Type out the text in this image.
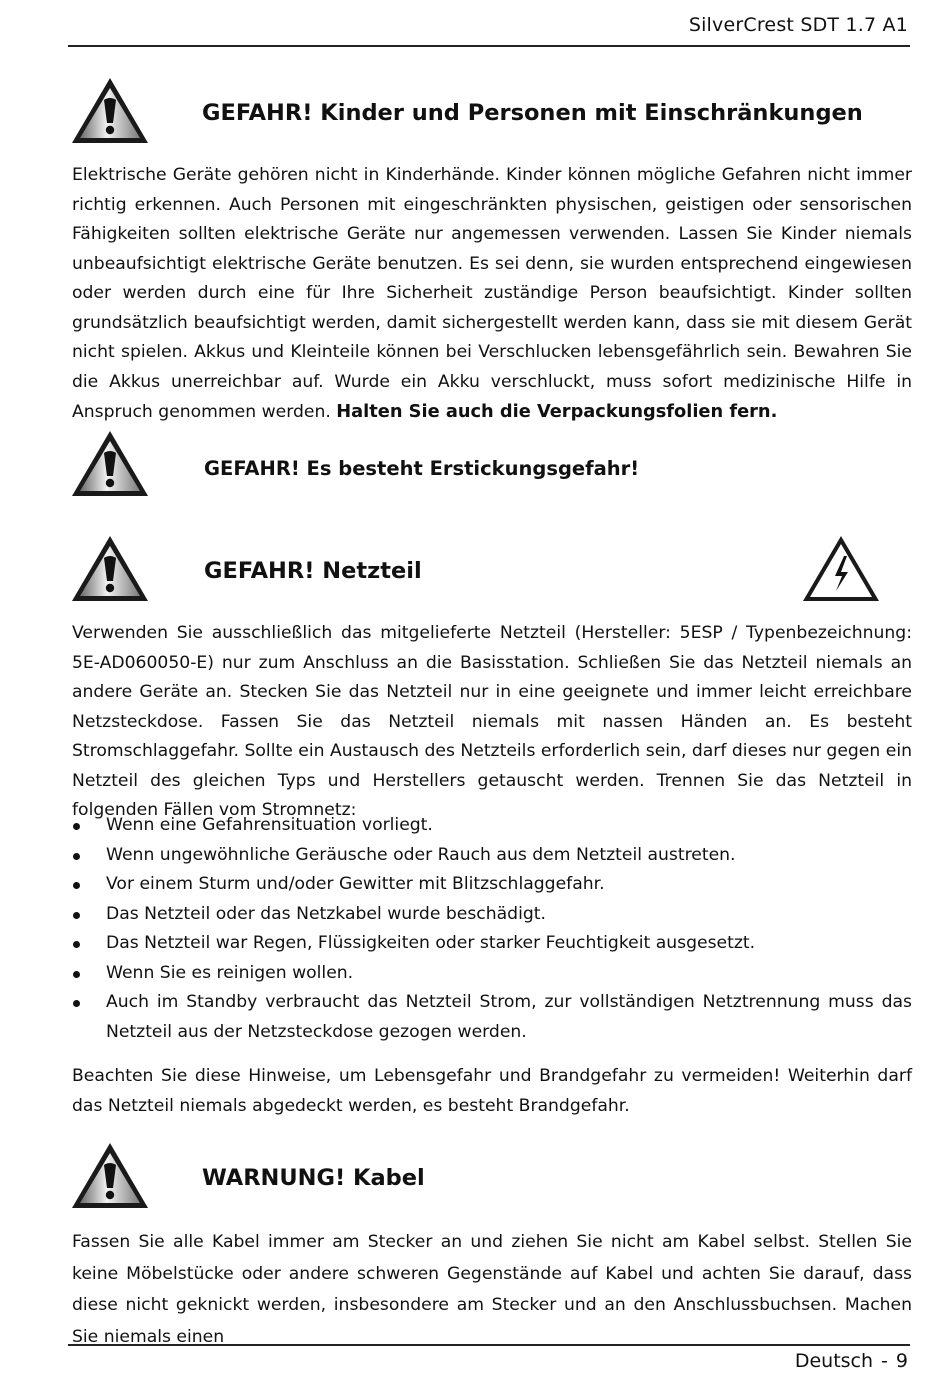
SilverCrest SDT 1.7 A1
GEFAHR! Kinder und Personen mit Einschränkungen
Elektrische Geräte gehören nicht in Kinderhände. Kinder können mögliche Gefahren nicht immer richtig erkennen. Auch Personen mit eingeschränkten physischen, geistigen oder sensorischen Fähigkeiten sollten elektrische Geräte nur angemessen verwenden. Lassen Sie Kinder niemals unbeaufsichtigt elektrische Geräte benutzen. Es sei denn, sie wurden entsprechend eingewiesen oder werden durch eine für Ihre Sicherheit zuständige Person beaufsichtigt. Kinder sollten grundsätzlich beaufsichtigt werden, damit sichergestellt werden kann, dass sie mit diesem Gerät nicht spielen. Akkus und Kleinteile können bei Verschlucken lebensgefährlich sein. Bewahren Sie die Akkus unerreichbar auf. Wurde ein Akku verschluckt, muss sofort medizinische Hilfe in Anspruch genommen werden. Halten Sie auch die Verpackungsfolien fern.
GEFAHR! Es besteht Erstickungsgefahr!
GEFAHR! Netzteil
Verwenden Sie ausschließlich das mitgelieferte Netzteil (Hersteller: 5ESP / Typenbezeichnung: 5E-AD060050-E) nur zum Anschluss an die Basisstation. Schließen Sie das Netzteil niemals an andere Geräte an. Stecken Sie das Netzteil nur in eine geeignete und immer leicht erreichbare Netzsteckdose. Fassen Sie das Netzteil niemals mit nassen Händen an. Es besteht Stromschlaggefahr. Sollte ein Austausch des Netzteils erforderlich sein, darf dieses nur gegen ein Netzteil des gleichen Typs und Herstellers getauscht werden. Trennen Sie das Netzteil in folgenden Fällen vom Stromnetz:
Wenn eine Gefahrensituation vorliegt.
Wenn ungewöhnliche Geräusche oder Rauch aus dem Netzteil austreten.
Vor einem Sturm und/oder Gewitter mit Blitzschlaggefahr.
Das Netzteil oder das Netzkabel wurde beschädigt.
Das Netzteil war Regen, Flüssigkeiten oder starker Feuchtigkeit ausgesetzt.
Wenn Sie es reinigen wollen.
Auch im Standby verbraucht das Netzteil Strom, zur vollständigen Netztrennung muss das Netzteil aus der Netzsteckdose gezogen werden.
Beachten Sie diese Hinweise, um Lebensgefahr und Brandgefahr zu vermeiden! Weiterhin darf das Netzteil niemals abgedeckt werden, es besteht Brandgefahr.
WARNUNG! Kabel
Fassen Sie alle Kabel immer am Stecker an und ziehen Sie nicht am Kabel selbst. Stellen Sie keine Möbelstücke oder andere schweren Gegenstände auf Kabel und achten Sie darauf, dass diese nicht geknickt werden, insbesondere am Stecker und an den Anschlussbuchsen. Machen Sie niemals einen
Deutsch - 9
